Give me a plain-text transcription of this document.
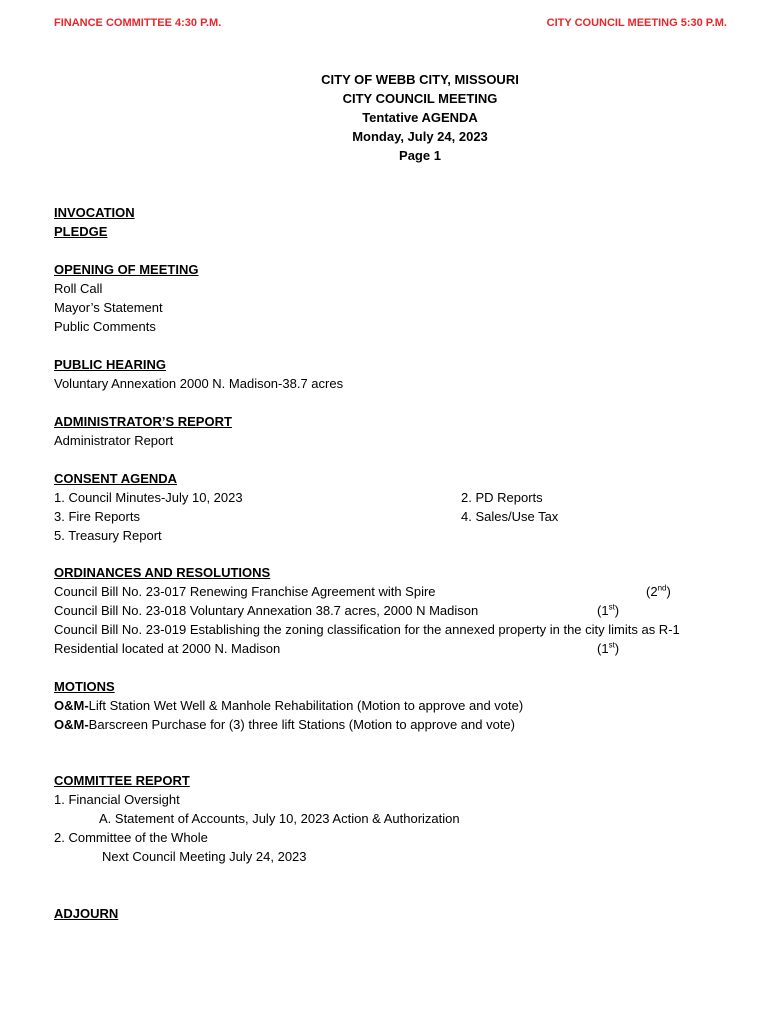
FINANCE COMMITTEE 4:30 P.M.	CITY COUNCIL MEETING 5:30 P.M.
CITY OF WEBB CITY, MISSOURI
CITY COUNCIL MEETING
Tentative AGENDA
Monday, July 24, 2023
Page 1
INVOCATION
PLEDGE
OPENING OF MEETING
Roll Call
Mayor’s Statement
Public Comments
PUBLIC HEARING
Voluntary Annexation 2000 N. Madison-38.7 acres
ADMINISTRATOR’S REPORT
Administrator Report
CONSENT AGENDA
1. Council Minutes-July 10, 2023
3. Fire Reports
5. Treasury Report
2. PD Reports
4. Sales/Use Tax
ORDINANCES AND RESOLUTIONS
Council Bill No. 23-017 Renewing Franchise Agreement with Spire
Council Bill No. 23-018 Voluntary Annexation 38.7 acres, 2000 N Madison
Council Bill No. 23-019 Establishing the zoning classification for the annexed property in the city limits as R-1
Residential located at 2000 N. Madison
(2nd)
(1st)
(1st)
MOTIONS
O&M-Lift Station Wet Well & Manhole Rehabilitation (Motion to approve and vote)
O&M-Barscreen Purchase for (3) three lift Stations (Motion to approve and vote)
COMMITTEE REPORT
1. Financial Oversight
A. Statement of Accounts, July 10, 2023 Action & Authorization
2. Committee of the Whole
Next Council Meeting July 24, 2023
ADJOURN
